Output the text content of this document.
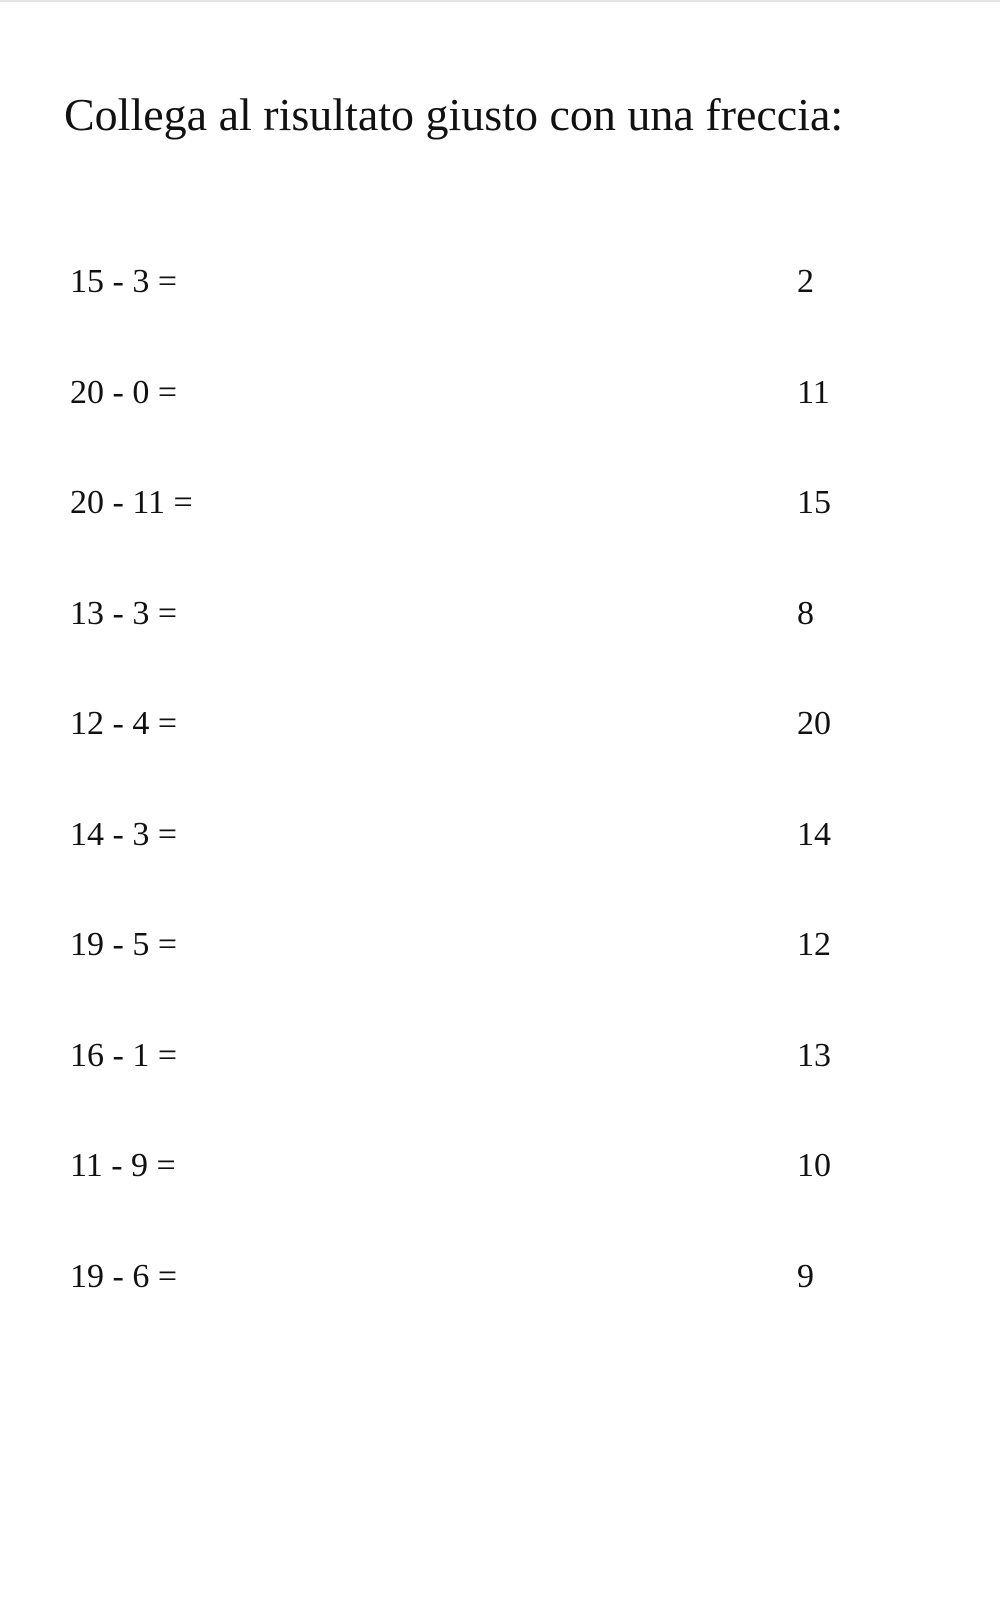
Collega al risultato giusto con una freccia:
15 - 3 =	2
20 - 0 =	11
20 - 11 =	15
13 - 3 =	8
12 - 4 =	20
14 - 3 =	14
19 - 5 =	12
16 - 1 =	13
11 - 9 =	10
19 - 6 =	9
